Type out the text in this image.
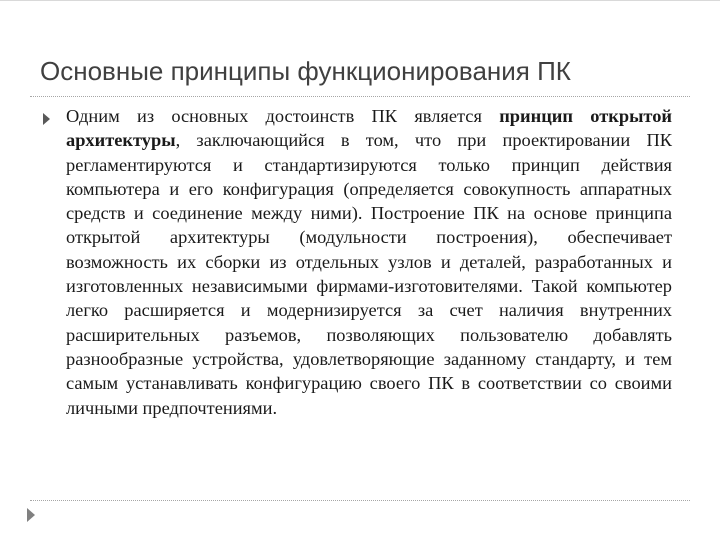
Основные принципы функционирования ПК
Одним из основных достоинств ПК является принцип открытой архитектуры, заключающийся в том, что при проектировании ПК регламентируются и стандартизируются только принцип действия компьютера и его конфигурация (определяется совокупность аппаратных средств и соединение между ними). Построение ПК на основе принципа открытой архитектуры (модульности построения), обеспечивает возможность их сборки из отдельных узлов и деталей, разработанных и изготовленных независимыми фирмами-изготовителями. Такой компьютер легко расширяется и модернизируется за счет наличия внутренних расширительных разъемов, позволяющих пользователю добавлять разнообразные устройства, удовлетворяющие заданному стандарту, и тем самым устанавливать конфигурацию своего ПК в соответствии со своими личными предпочтениями.
